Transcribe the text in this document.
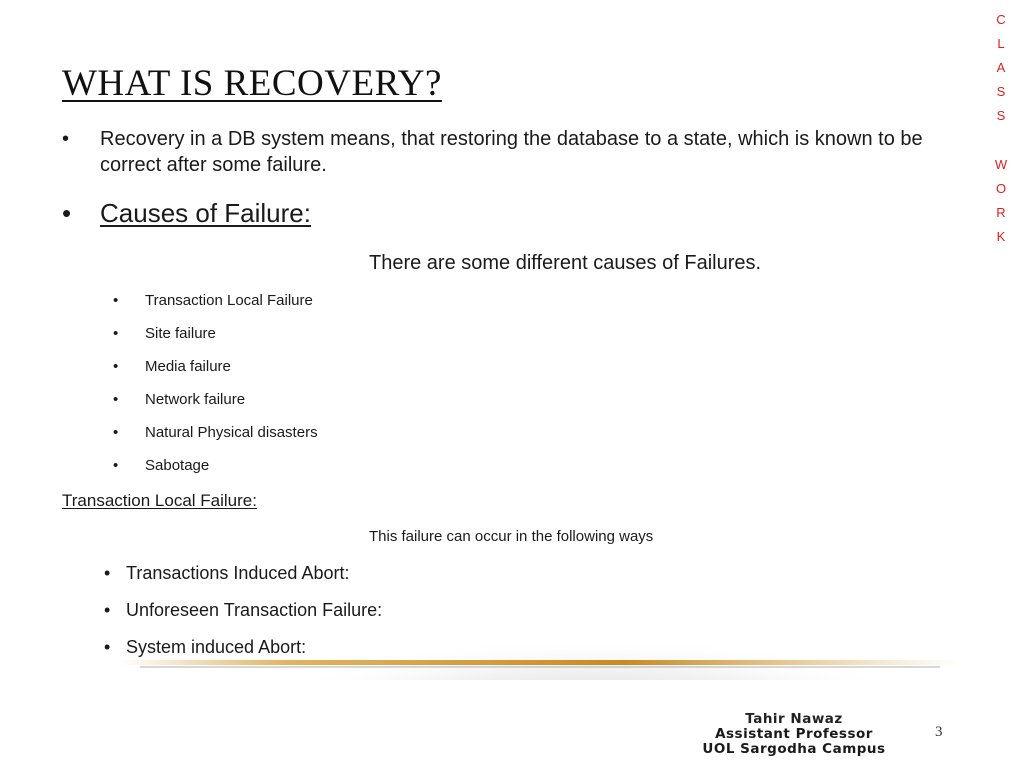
WHAT IS RECOVERY?
C
L
A
S
S
W
O
R
K
•	Recovery in a DB system means, that restoring the database to a state, which is known to be correct after some failure.
•	Causes of Failure:
There are some different causes of Failures.
•	Transaction Local Failure
•	Site failure
•	Media failure
•	Network failure
•	Natural Physical disasters
•	Sabotage
Transaction Local Failure:
This failure can occur in the following ways
• Transactions Induced Abort:
• Unforeseen Transaction Failure:
• System induced Abort:
3
Tahir Nawaz
Assistant Professor
UOL Sargodha Campus
